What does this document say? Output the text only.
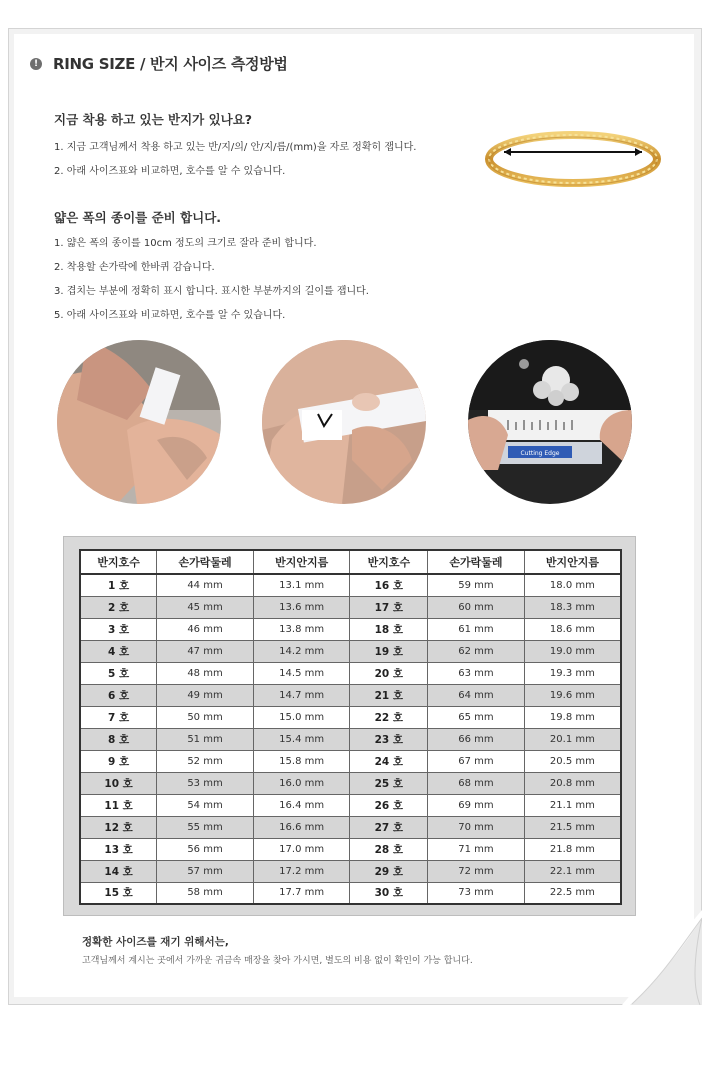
! RING SIZE / 반지 사이즈 측정방법
지금 착용 하고 있는 반지가 있나요?
1. 지금 고객님께서 착용 하고 있는 반/지/의/ 안/지/름/(mm)을 자로 정확히 잽니다.
2. 아래 사이즈표와 비교하면, 호수를 알 수 있습니다.
얇은 폭의 종이를 준비 합니다.
1. 얇은 폭의 종이를 10cm 정도의 크기로 잘라 준비 합니다.
2. 착용할 손가락에 한바퀴 감습니다.
3. 겹치는 부분에 정확히 표시 합니다. 표시한 부분까지의 길이를 잽니다.
5. 아래 사이즈표와 비교하면, 호수를 알 수 있습니다.
Cutting Edge
반지호수	손가락둘레	반지안지름	반지호수	손가락둘레	반지안지름
1 호	44 mm	13.1 mm	16 호	59 mm	18.0 mm
2 호	45 mm	13.6 mm	17 호	60 mm	18.3 mm
3 호	46 mm	13.8 mm	18 호	61 mm	18.6 mm
4 호	47 mm	14.2 mm	19 호	62 mm	19.0 mm
5 호	48 mm	14.5 mm	20 호	63 mm	19.3 mm
6 호	49 mm	14.7 mm	21 호	64 mm	19.6 mm
7 호	50 mm	15.0 mm	22 호	65 mm	19.8 mm
8 호	51 mm	15.4 mm	23 호	66 mm	20.1 mm
9 호	52 mm	15.8 mm	24 호	67 mm	20.5 mm
10 호	53 mm	16.0 mm	25 호	68 mm	20.8 mm
11 호	54 mm	16.4 mm	26 호	69 mm	21.1 mm
12 호	55 mm	16.6 mm	27 호	70 mm	21.5 mm
13 호	56 mm	17.0 mm	28 호	71 mm	21.8 mm
14 호	57 mm	17.2 mm	29 호	72 mm	22.1 mm
15 호	58 mm	17.7 mm	30 호	73 mm	22.5 mm
정확한 사이즈를 재기 위해서는,
고객님께서 계시는 곳에서 가까운 귀금속 매장을 찾아 가시면, 별도의 비용 없이 확인이 가능 합니다.
